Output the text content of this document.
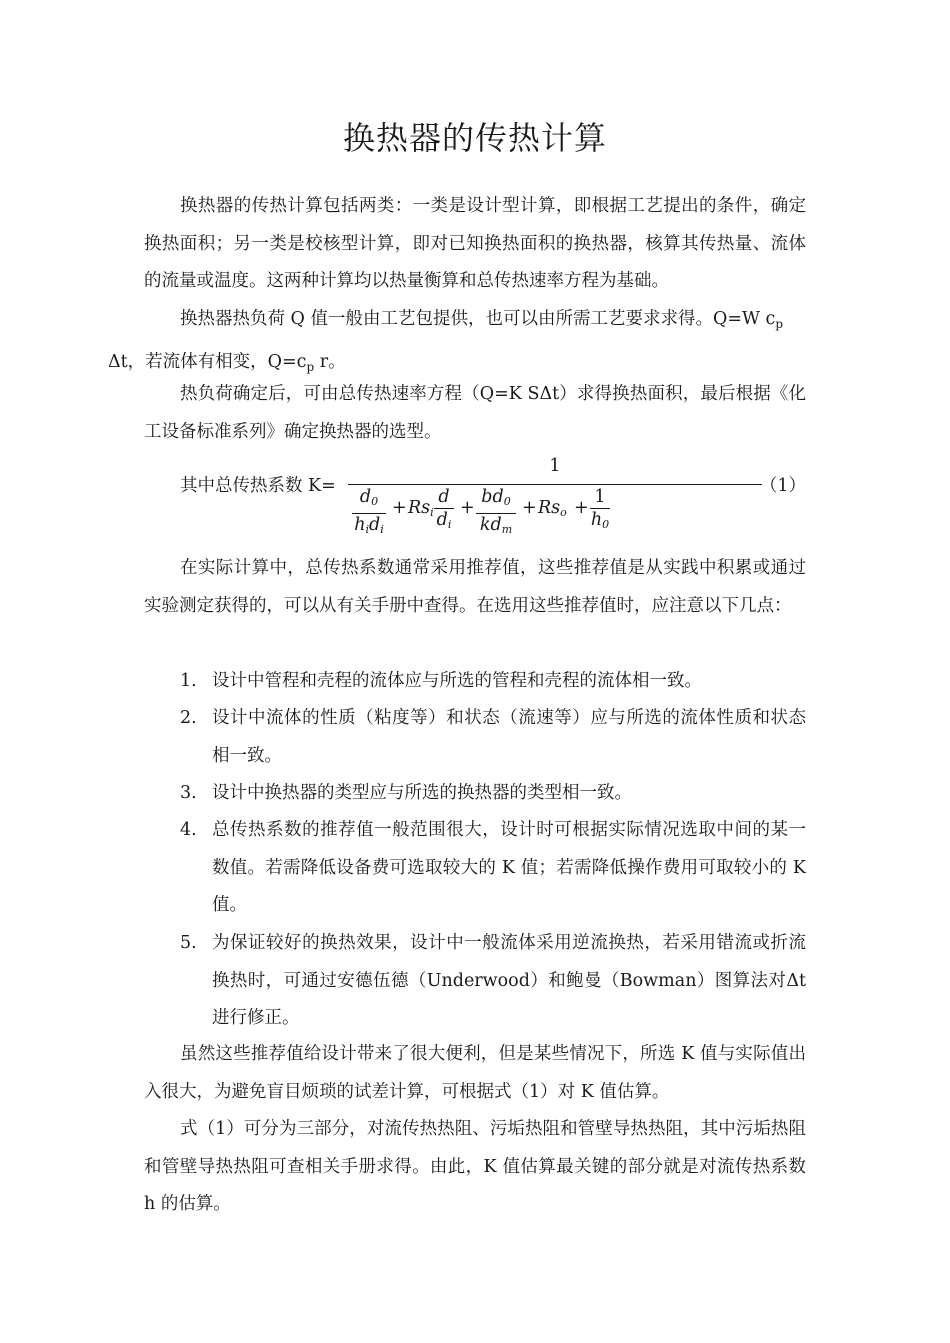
换热器的传热计算

换热器的传热计算包括两类：一类是设计型计算，即根据工艺提出的条件，确定换热面积；另一类是校核型计算，即对已知换热面积的换热器，核算其传热量、流体的流量或温度。这两种计算均以热量衡算和总传热速率方程为基础。

换热器热负荷 Q 值一般由工艺包提供，也可以由所需工艺要求求得。Q=W $c_p$
Δt，若流体有相变，$Q=c_p$ r。

热负荷确定后，可由总传热速率方程（Q=K SΔt）求得换热面积，最后根据《化工设备标准系列》确定换热器的选型。

其中总传热系数 K=
1
$d_0$
$h_id_i$
+ $Rs_i$
d
$d_i$
+
$bd_0$
$kd_m$
+ $Rs_o$ +
1
$h_0$
（1）

在实际计算中，总传热系数通常采用推荐值，这些推荐值是从实践中积累或通过实验测定获得的，可以从有关手册中查得。在选用这些推荐值时，应注意以下几点：

1. 设计中管程和壳程的流体应与所选的管程和壳程的流体相一致。
2. 设计中流体的性质（粘度等）和状态（流速等）应与所选的流体性质和状态相一致。
3. 设计中换热器的类型应与所选的换热器的类型相一致。
4. 总传热系数的推荐值一般范围很大，设计时可根据实际情况选取中间的某一数值。若需降低设备费可选取较大的 K 值；若需降低操作费用可取较小的 K 值。
5. 为保证较好的换热效果，设计中一般流体采用逆流换热，若采用错流或折流换热时，可通过安德伍德（Underwood）和鲍曼（Bowman）图算法对Δt 进行修正。

虽然这些推荐值给设计带来了很大便利，但是某些情况下，所选 K 值与实际值出入很大，为避免盲目烦琐的试差计算，可根据式（1）对 K 值估算。

式（1）可分为三部分，对流传热热阻、污垢热阻和管壁导热热阻，其中污垢热阻和管壁导热热阻可查相关手册求得。由此，K 值估算最关键的部分就是对流传热系数 h 的估算。
